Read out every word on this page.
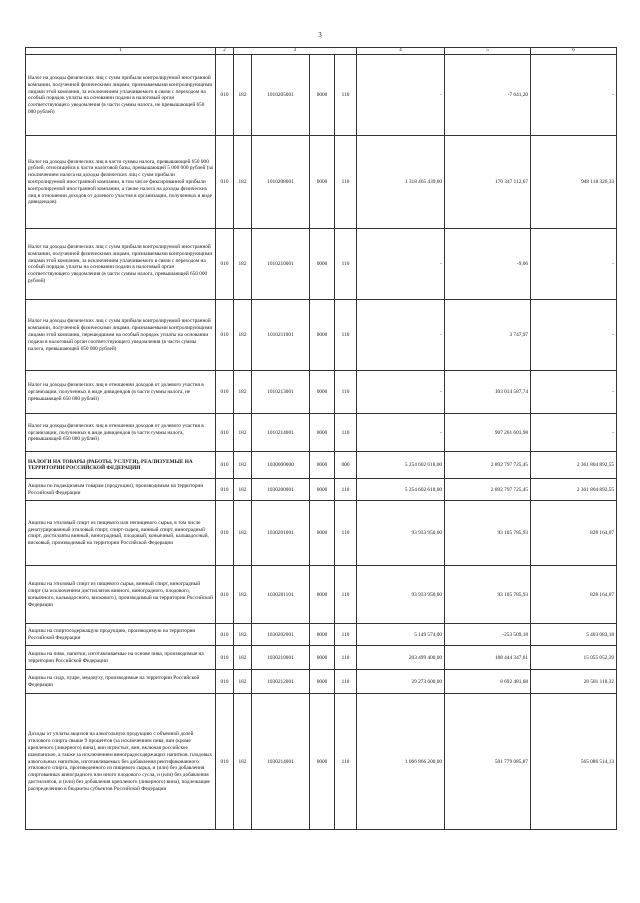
3
1	2	3				4	5	6
Налог на доходы физических лиц с сумм прибыли контролируемой иностранной компании, полученной физическими лицами, признаваемыми контролирующими лицами этой компании, за исключением уплачиваемого в связи с переходом на особый порядок уплаты на основании подачи в налоговый орган соответствующего уведомления (в части суммы налога, не превышающей 650 000 рублей)	010	182	1010205001	0000	110	-	-7 641,20	-
Налог на доходы физических лиц в части суммы налога, превышающей 650 000 рублей, относящейся к части налоговой базы, превышающей 5 000 000 рублей (за исключением налога на доходы физических лиц с сумм прибыли контролируемой иностранной компании, в том числе фиксированной прибыли контролируемой иностранной компании, а также налога на доходы физических лиц в отношении доходов от долевого участия в организации, полученных в виде дивидендов)	010	182	1010208001	0000	110	1 318 465 439,00	170 347 112,67	948 118 326,33
Налог на доходы физических лиц с сумм прибыли контролируемой иностранной компании, полученной физическими лицами, признаваемыми контролирующими лицами этой компании, за исключением уплачиваемого в связи с переходом на особый порядок уплаты на основании подачи в налоговый орган соответствующего уведомления (в части суммы налога, превышающей 650 000 рублей)	010	182	1010210001	0000	110	-	-9,06	-
Налог на доходы физических лиц с сумм прибыли контролируемой иностранной компании, полученной физическими лицами, признаваемыми контролирующими лицами этой компании, перешедшими на особый порядок уплаты на основании подачи в налоговый орган соответствующего уведомления (в части суммы налога, превышающей 650 000 рублей)	010	182	1010211001	0000	110	-	3 747,97	-
Налог на доходы физических лиц в отношении доходов от долевого участия в организации, полученных в виде дивидендов (в части суммы налога, не превышающей 650 000 рублей)	010	182	1010213001	0000	110	-	103 014 587,74	-
Налог на доходы физических лиц в отношении доходов от долевого участия в организации, полученных в виде дивидендов (в части суммы налога, превышающей 650 000 рублей)	010	182	1010214001	0000	110	-	907 261 601,98	-
НАЛОГИ НА ТОВАРЫ (РАБОТЫ, УСЛУГИ), РЕАЛИЗУЕМЫЕ НА ТЕРРИТОРИИ РОССИЙСКОЙ ФЕДЕРАЦИИ	010	182	1030000000	0000	000	5 254 602 618,00	2 892 797 725,45	2 361 804 892,55
Акцизы по подакцизным товарам (продукции), производимым на территории Российской Федерации	010	182	1030200001	0000	110	5 254 602 618,00	2 892 797 725,45	2 361 804 892,55
Акцизы на этиловый спирт из пищевого или непищевого сырья, в том числе денатурированный этиловый спирт, спирт-сырец, винный спирт, виноградный спирт, дистилляты винный, виноградный, плодовый, коньячный, кальвадосный, висковый, производимый на территории Российской Федерации	010	182	1030201001	0000	110	93 933 950,00	93 105 785,93	828 164,07
Акцизы на этиловый спирт из пищевого сырья, винный спирт, виноградный спирт (за исключением дистиллятов винного, виноградного, плодового, коньячного, кальвадосного, вискового), производимый на территории Российской Федерации	010	182	1030201101	0000	110	93 933 950,00	93 105 785,93	828 164,07
Акцизы на спиртосодержащую продукцию, производимую на территории Российской Федерации	010	182	1030202001	0000	110	5 149 574,00	-253 509,18	5 403 083,18
Акцизы на пиво, напитки, изготавливаемые на основе пива, производимые на территории Российской Федерации	010	182	1030210001	0000	110	203 499 400,00	188 444 347,61	15 055 052,39
Акцизы на сидр, пуаре, медовуху, производимые на территории Российской Федерации	010	182	1030212001	0000	110	29 273 600,00	8 692 481,68	20 581 118,32
Доходы от уплаты акцизов на алкогольную продукцию с объемной долей этилового спирта свыше 9 процентов (за исключением пива, вин (кроме крепленого (ликерного) вина), вин игристых, вин, включая российское шампанское, а также за исключением виноградосодержащих напитков, плодовых алкогольных напитков, изготавливаемых без добавления ректификованного этилового спирта, произведенного из пищевого сырья, и (или) без добавления спиртованных виноградного или иного плодового сусла, и (или) без добавления дистиллятов, и (или) без добавления крепленого (ликерного) вина), подлежащие распределению в бюджеты субъектов Российской Федерации	010	182	1030214001	0000	110	1 066 866 200,00	501 779 085,87	565 086 514,13
